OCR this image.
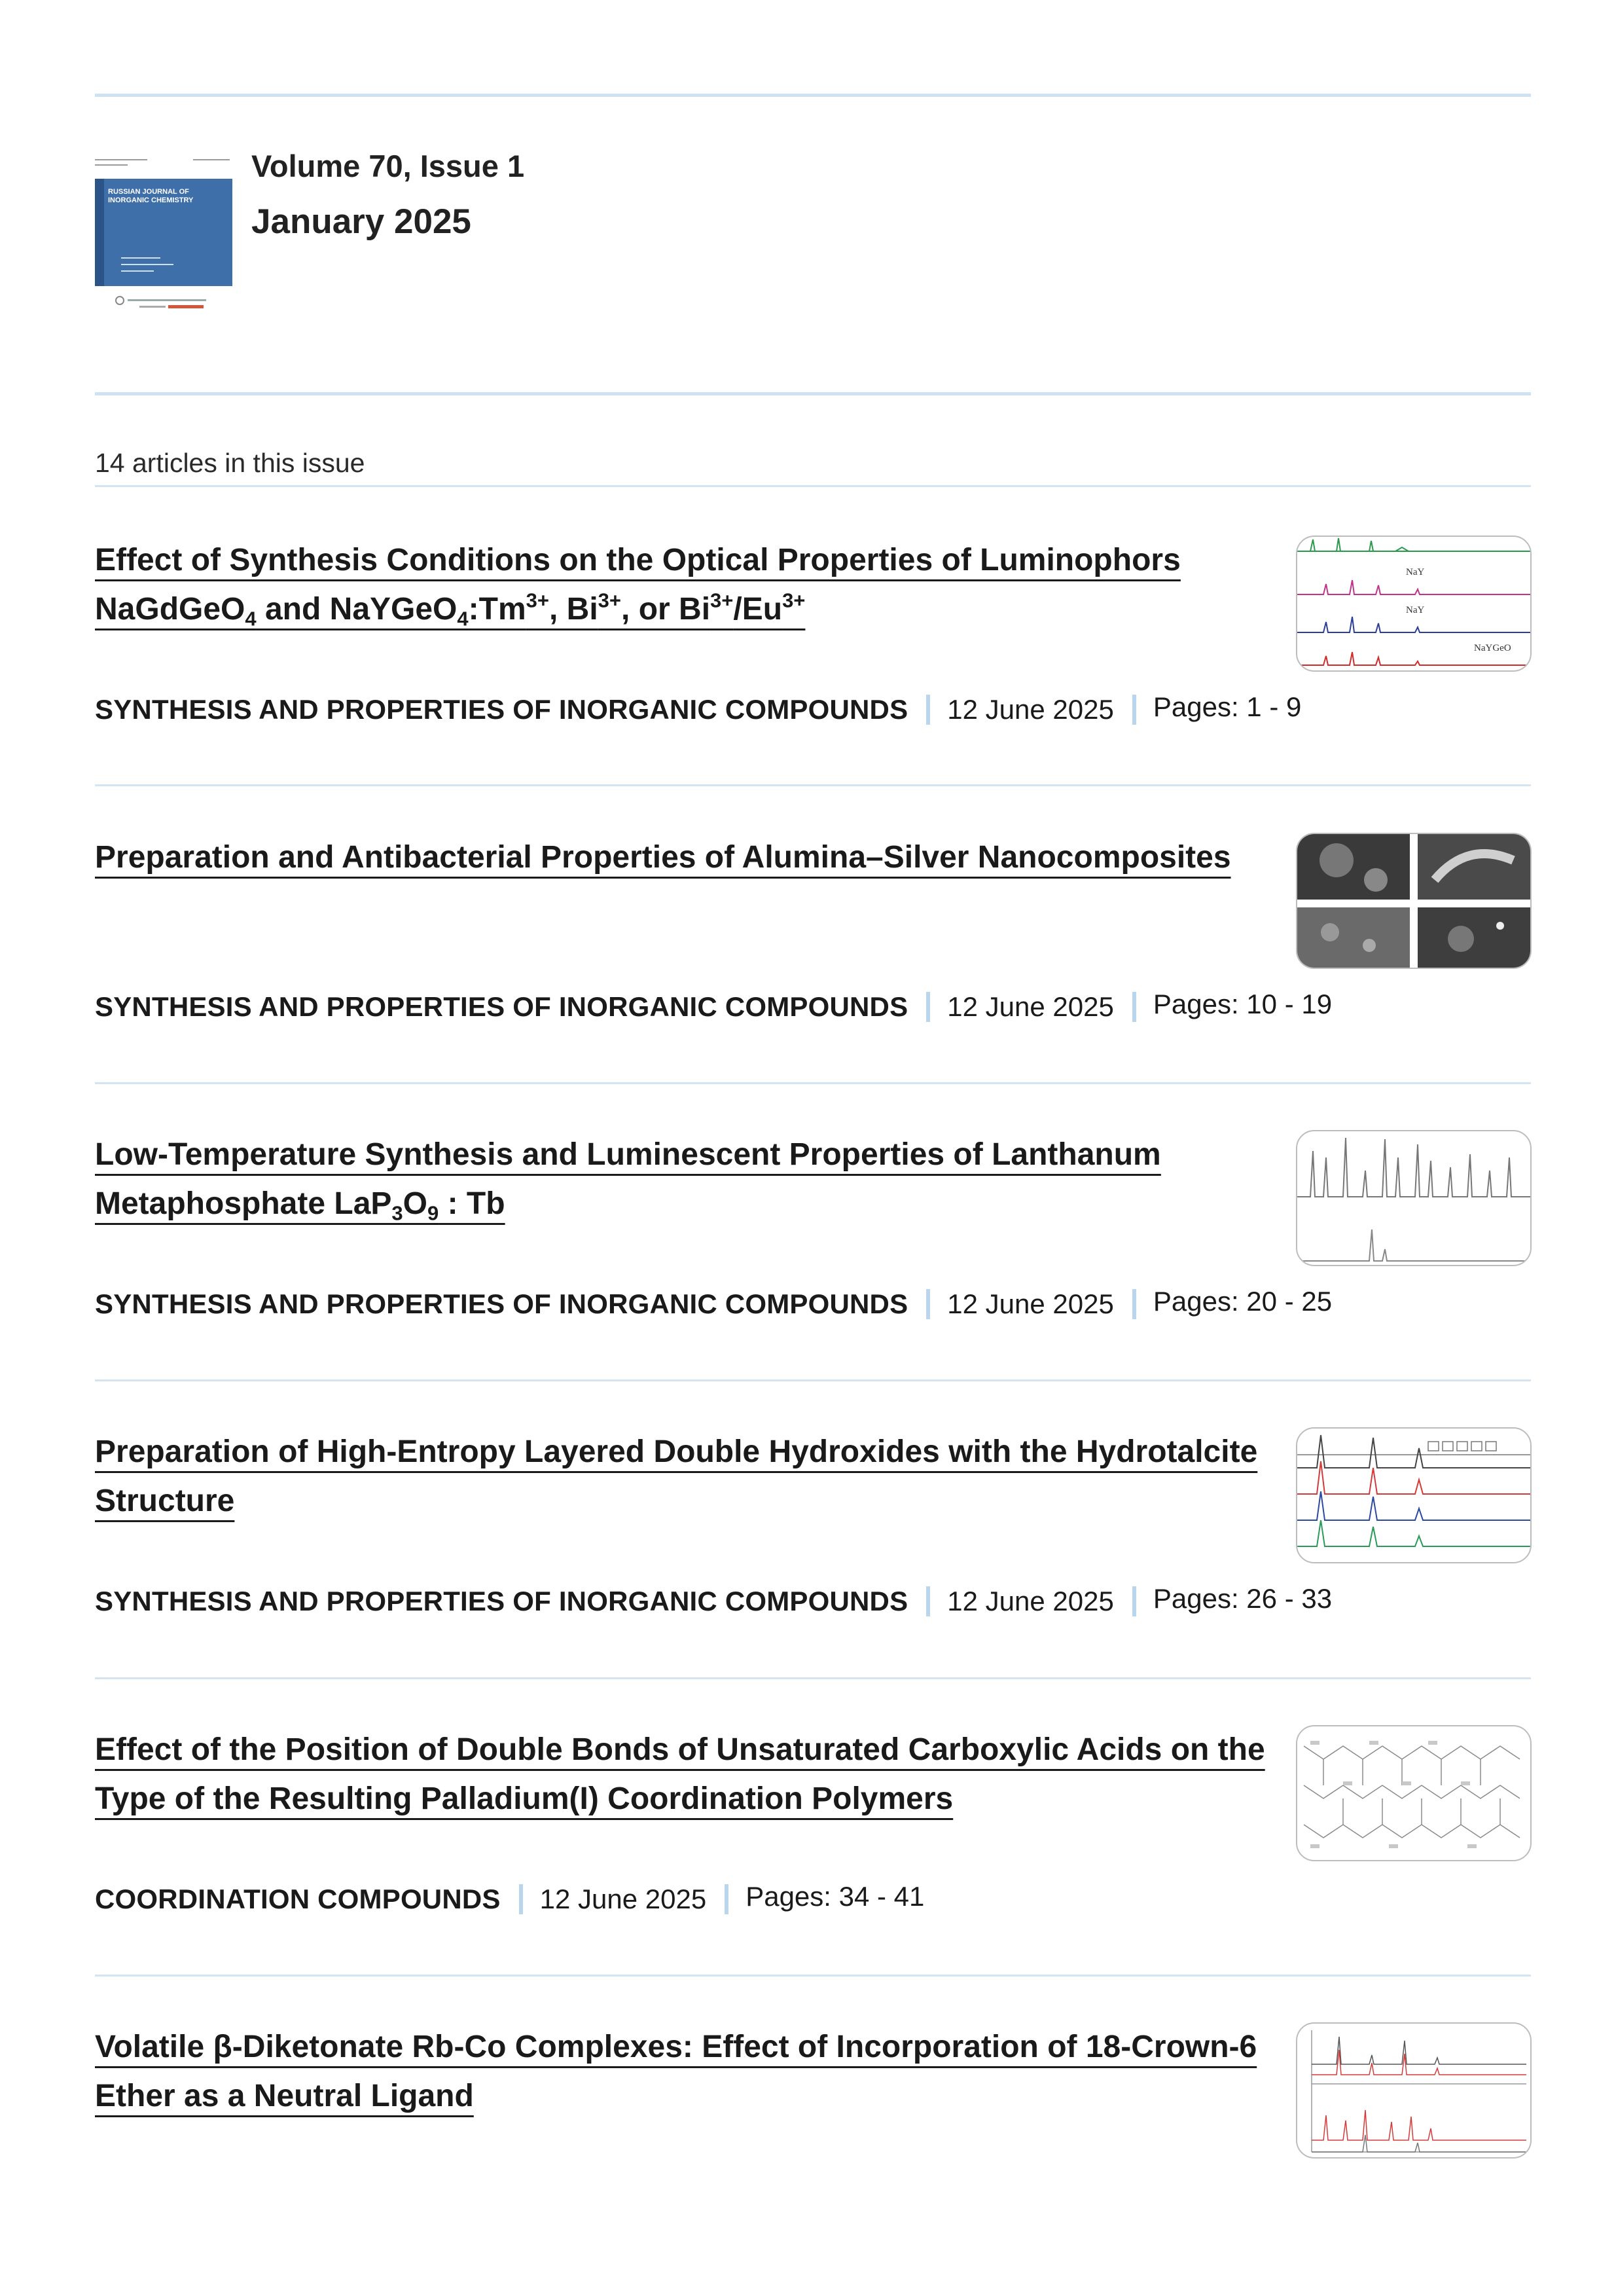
RUSSIAN JOURNAL OF INORGANIC CHEMISTRY
Volume 70, Issue 1
January 2025
14 articles in this issue
Effect of Synthesis Conditions on the Optical Properties of Luminophors NaGdGeO$_4$ and $NaYGeO_4:Tm^{3+}$, $Bi^{3+}$, or $Bi^{3+}/Eu^{3+}$
SYNTHESIS AND PROPERTIES OF INORGANIC COMPOUNDS 12 June 2025 Pages: 1 - 9
NaY
NaY
NaYGeO
Preparation and Antibacterial Properties of Alumina–Silver Nanocomposites
SYNTHESIS AND PROPERTIES OF INORGANIC COMPOUNDS 12 June 2025 Pages: 10 - 19
Low-Temperature Synthesis and Luminescent Properties of Lanthanum Metaphosphate $LaP_3O_9$ : Tb
SYNTHESIS AND PROPERTIES OF INORGANIC COMPOUNDS 12 June 2025 Pages: 20 - 25
Preparation of High-Entropy Layered Double Hydroxides with the Hydrotalcite Structure
SYNTHESIS AND PROPERTIES OF INORGANIC COMPOUNDS 12 June 2025 Pages: 26 - 33
Effect of the Position of Double Bonds of Unsaturated Carboxylic Acids on the Type of the Resulting Palladium(I) Coordination Polymers
COORDINATION COMPOUNDS 12 June 2025 Pages: 34 - 41
Volatile β-Diketonate Rb-Co Complexes: Effect of Incorporation of 18-Crown-6 Ether as a Neutral Ligand
